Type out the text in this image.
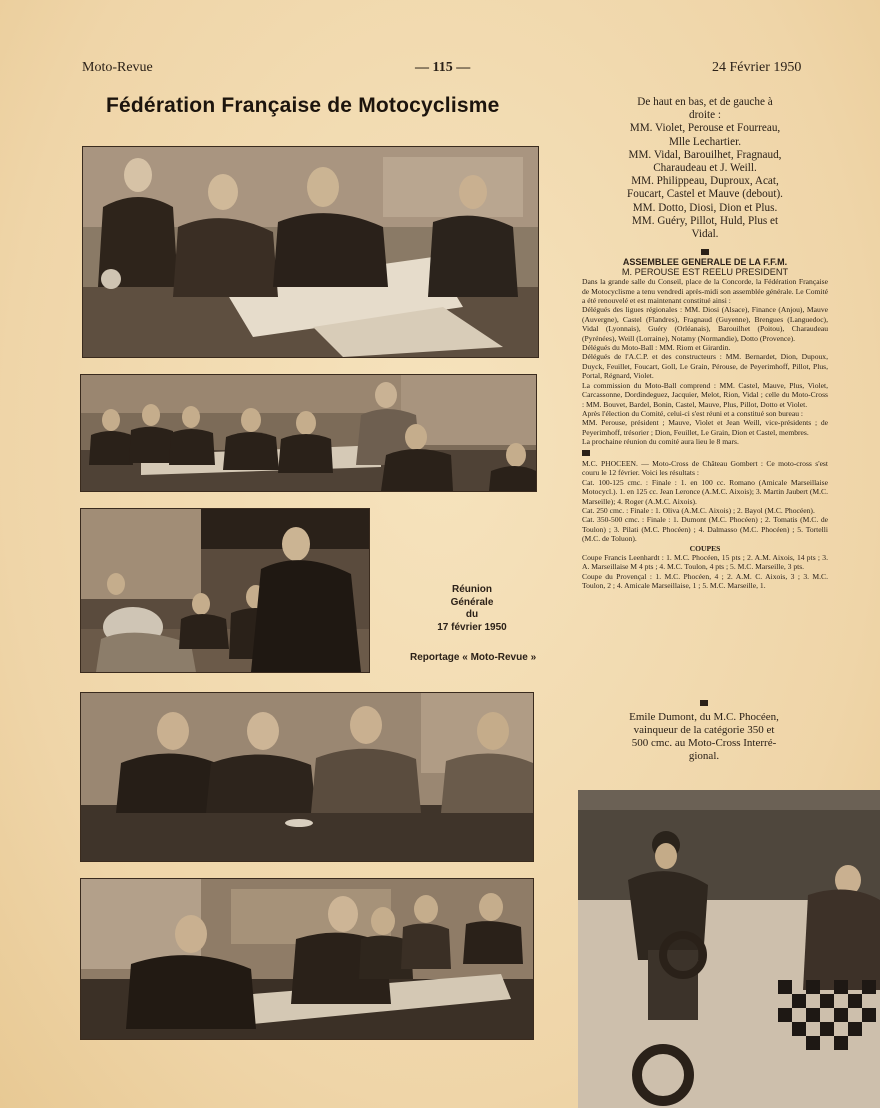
Moto-Revue	— 115 —	24 Février 1950
Fédération Française de Motocyclisme	De haut en bas, et de gauche à
droite :
MM. Violet, Perouse et Fourreau,
Mlle Lechartier.
MM. Vidal, Barouilhet, Fragnaud,
Charaudeau et J. Weill.
MM. Philippeau, Duproux, Acat,
Foucart, Castel et Mauve (debout).
MM. Dotto, Diosi, Dion et Plus.
MM. Guéry, Pillot, Huld, Plus et
Vidal.
ASSEMBLEE GENERALE DE LA F.F.M.
M. PEROUSE EST REELU PRESIDENT

Dans la grande salle du Conseil, place de la Concorde, la Fédération Française de Motocyclisme a tenu vendredi après-midi son assemblée générale. Le Comité a été renouvelé et est maintenant constitué ainsi :

Délégués des ligues régionales : MM. Diosi (Alsace), Finance (Anjou), Mauve (Auvergne), Castel (Flandres), Fragnaud (Guyenne), Brengues (Languedoc), Vidal (Lyonnais), Guéry (Orléanais), Barouilhet (Poitou), Charaudeau (Pyrénées), Weill (Lorraine), Notamy (Normandie), Dotto (Provence).

Délégués du Moto-Ball : MM. Riom et Girardin.

Délégués de l'A.C.P. et des constructeurs : MM. Bernardet, Dion, Dupoux, Duyck, Feuillet, Foucart, Goll, Le Grain, Pérouse, de Peyerimhoff, Pillot, Plus, Portal, Régnard, Violet.

La commission du Moto-Ball comprend : MM. Castel, Mauve, Plus, Violet, Carcassonne, Dordindeguez, Jacquier, Melot, Rion, Vidal ; celle du Moto-Cross : MM. Bouvet, Bardel, Bonin, Castel, Mauve, Plus, Pillot, Dotto et Violet.

Après l'élection du Comité, celui-ci s'est réuni et a constitué son bureau :

MM. Perouse, président ; Mauve, Violet et Jean Weill, vice-présidents ; de Peyerimhoff, trésorier ; Dion, Feuillet, Le Grain, Dion et Castel, membres.

La prochaine réunion du comité aura lieu le 8 mars.

M.C. PHOCEEN. — Moto-Cross de Château Gombert : Ce moto-cross s'est couru le 12 février. Voici les résultats :

Cat. 100-125 cmc. : Finale : 1. en 100 cc. Romano (Amicale Marseillaise Motocycl.). 1. en 125 cc. Jean Leronce (A.M.C. Aixois); 3. Martin Jaubert (M.C. Marseille); 4. Roger (A.M.C. Aixois).

Cat. 250 cmc. : Finale : 1. Oliva (A.M.C. Aixois) ; 2. Bayol (M.C. Phocéen).

Cat. 350-500 cmc. : Finale : 1. Dumont (M.C. Phocéen) ; 2. Tomatis (M.C. de Toulon) ; 3. Pilati (M.C. Phocéen) ; 4. Dalmasso (M.C. Phocéen) ; 5. Tortelli (M.C. de Toluon).

COUPES

Coupe Francis Leenhardt : 1. M.C. Phocéen, 15 pts ; 2. A.M. Aixois, 14 pts ; 3. A. Marseillaise M 4 pts ; 4. M.C. Toulon, 4 pts ; 5. M.C. Marseille, 3 pts.

Coupe du Provençal : 1. M.C. Phocéen, 4 ; 2. A.M. C. Aixois, 3 ; 3. M.C. Toulon, 2 ; 4. Amicale Marseillaise, 1 ; 5. M.C. Marseille, 1.

Réunion
Générale
du
17 février 1950
Reportage « Moto-Revue »
Emile Dumont, du M.C. Phocéen,
vainqueur de la catégorie 350 et
500 cmc. au Moto-Cross Interré-
gional.
